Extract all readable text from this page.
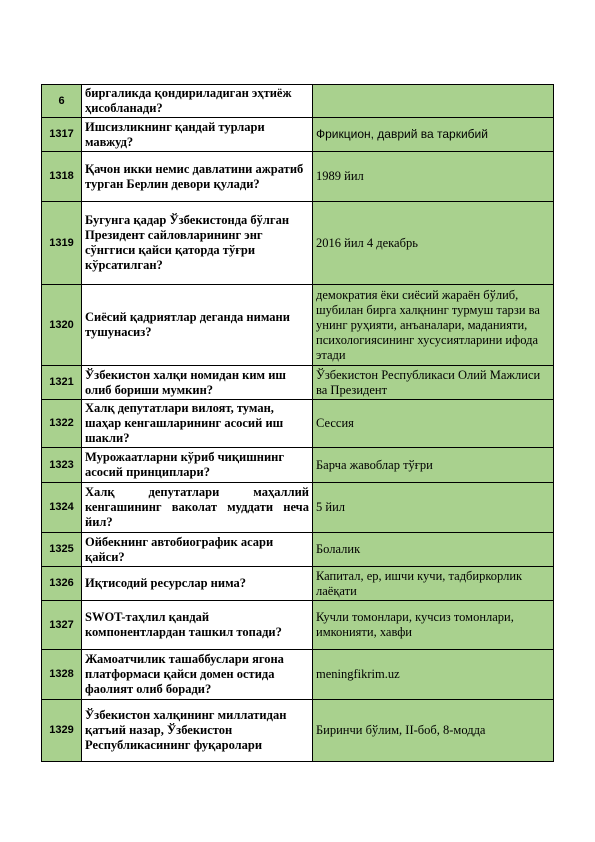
6	биргаликда қондириладиган эҳтиёж ҳисобланади?	
1317	Ишсизликнинг қандай турлари мавжуд?	Фрикцион, даврий ва таркибий
1318	Қачон икки немис давлатини ажратиб турган Берлин девори қулади?	1989 йил
1319	Бугунга қадар Ўзбекистонда бўлган Президент сайловларининг энг сўнггиси қайси қаторда тўғри кўрсатилган?	2016 йил 4 декабрь
1320	Сиёсий қадриятлар деганда нимани тушунасиз?	демократия ёки сиёсий жараён бўлиб, шубилан бирга халқнинг турмуш тарзи ва унинг руҳияти, анъаналари, маданияти, психологиясининг хусусиятларини ифода этади
1321	Ўзбекистон халқи номидан ким иш олиб бориши мумкин?	Ўзбекистон Республикаси Олий Мажлиси ва Президент
1322	Халқ депутатлари вилоят, туман, шаҳар кенгашларининг асосий иш шакли?	Сессия
1323	Мурожаатларни кўриб чиқишнинг асосий принциплари?	Барча жавоблар тўғри
1324	Халқ депутатлари маҳаллий кенгашининг ваколат муддати неча йил?	5 йил
1325	Ойбекнинг автобиографик асари қайси?	Болалик
1326	Иқтисодий ресурслар нима?	Капитал, ер, ишчи кучи, тадбиркорлик лаёқати
1327	SWOT-таҳлил қандай компонентлардан ташкил топади?	Кучли томонлари, кучсиз томонлари, имконияти, хавфи
1328	Жамоатчилик ташаббуслари ягона платформаси қайси домен остида фаолият олиб боради?	meningfikrim.uz
1329	Ўзбекистон халқининг миллатидан қатъий назар, Ўзбекистон Республикасининг фуқаролари	Биринчи бўлим, II-боб, 8-модда
